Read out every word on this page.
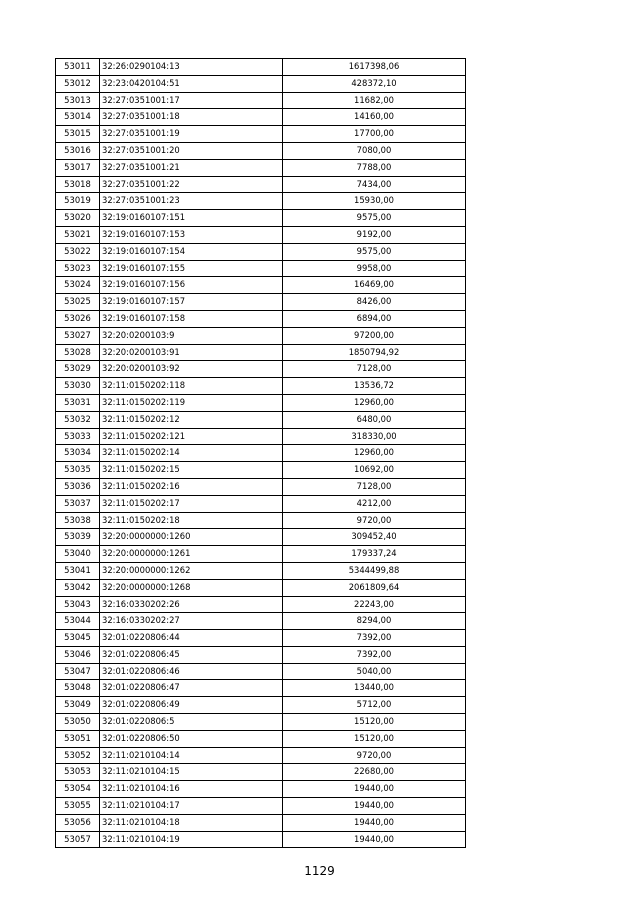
53011	32:26:0290104:13	1617398,06
53012	32:23:0420104:51	428372,10
53013	32:27:0351001:17	11682,00
53014	32:27:0351001:18	14160,00
53015	32:27:0351001:19	17700,00
53016	32:27:0351001:20	7080,00
53017	32:27:0351001:21	7788,00
53018	32:27:0351001:22	7434,00
53019	32:27:0351001:23	15930,00
53020	32:19:0160107:151	9575,00
53021	32:19:0160107:153	9192,00
53022	32:19:0160107:154	9575,00
53023	32:19:0160107:155	9958,00
53024	32:19:0160107:156	16469,00
53025	32:19:0160107:157	8426,00
53026	32:19:0160107:158	6894,00
53027	32:20:0200103:9	97200,00
53028	32:20:0200103:91	1850794,92
53029	32:20:0200103:92	7128,00
53030	32:11:0150202:118	13536,72
53031	32:11:0150202:119	12960,00
53032	32:11:0150202:12	6480,00
53033	32:11:0150202:121	318330,00
53034	32:11:0150202:14	12960,00
53035	32:11:0150202:15	10692,00
53036	32:11:0150202:16	7128,00
53037	32:11:0150202:17	4212,00
53038	32:11:0150202:18	9720,00
53039	32:20:0000000:1260	309452,40
53040	32:20:0000000:1261	179337,24
53041	32:20:0000000:1262	5344499,88
53042	32:20:0000000:1268	2061809,64
53043	32:16:0330202:26	22243,00
53044	32:16:0330202:27	8294,00
53045	32:01:0220806:44	7392,00
53046	32:01:0220806:45	7392,00
53047	32:01:0220806:46	5040,00
53048	32:01:0220806:47	13440,00
53049	32:01:0220806:49	5712,00
53050	32:01:0220806:5	15120,00
53051	32:01:0220806:50	15120,00
53052	32:11:0210104:14	9720,00
53053	32:11:0210104:15	22680,00
53054	32:11:0210104:16	19440,00
53055	32:11:0210104:17	19440,00
53056	32:11:0210104:18	19440,00
53057	32:11:0210104:19	19440,00
1129
